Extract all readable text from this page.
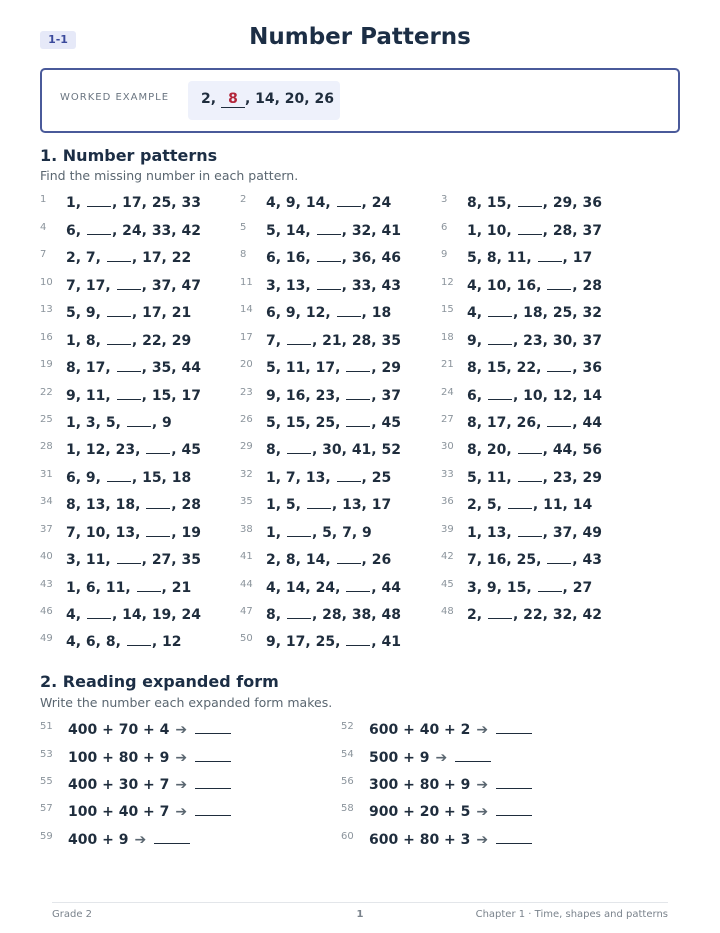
1-1	Number Patterns
WORKED EXAMPLE	2, 8 , 14, 20, 26
1. Number patterns
Find the missing number in each pattern.
1	1, , 17, 25, 33	2	4, 9, 14, , 24	3	8, 15, , 29, 36
4	6, , 24, 33, 42	5	5, 14, , 32, 41	6	1, 10, , 28, 37
7	2, 7, , 17, 22	8	6, 16, , 36, 46	9	5, 8, 11, , 17
10 7, 17, , 37, 47	11 3, 13, , 33, 43	12 4, 10, 16, , 28
13 5, 9, , 17, 21	14 6, 9, 12, , 18	15 4, , 18, 25, 32
16 1, 8, , 22, 29	17 7, , 21, 28, 35	18 9, , 23, 30, 37
19 8, 17, , 35, 44	20 5, 11, 17, , 29	21 8, 15, 22, , 36
22 9, 11, , 15, 17	23 9, 16, 23, , 37	24 6, , 10, 12, 14
25 1, 3, 5, , 9	26 5, 15, 25, , 45	27 8, 17, 26, , 44
28 1, 12, 23, , 45	29 8, , 30, 41, 52	30 8, 20, , 44, 56
31 6, 9, , 15, 18	32 1, 7, 13, , 25	33 5, 11, , 23, 29
34 8, 13, 18, , 28	35 1, 5, , 13, 17	36 2, 5, , 11, 14
37 7, 10, 13, , 19	38 1, , 5, 7, 9	39 1, 13, , 37, 49
40 3, 11, , 27, 35	41 2, 8, 14, , 26	42 7, 16, 25, , 43
43 1, 6, 11, , 21	44 4, 14, 24, , 44	45 3, 9, 15, , 27
46 4, , 14, 19, 24	47 8, , 28, 38, 48	48 2, , 22, 32, 42
49 4, 6, 8, , 12	50 9, 17, 25, , 41
2. Reading expanded form
Write the number each expanded form makes.
51	400 + 70 + 4 ➔	52	600 + 40 + 2 ➔
53	100 + 80 + 9 ➔	54	500 + 9 ➔
55	400 + 30 + 7 ➔	56	300 + 80 + 9 ➔
57	100 + 40 + 7 ➔	58	900 + 20 + 5 ➔
59	400 + 9 ➔	60	600 + 80 + 3 ➔
Grade 2	1	Chapter 1 · Time, shapes and patterns
